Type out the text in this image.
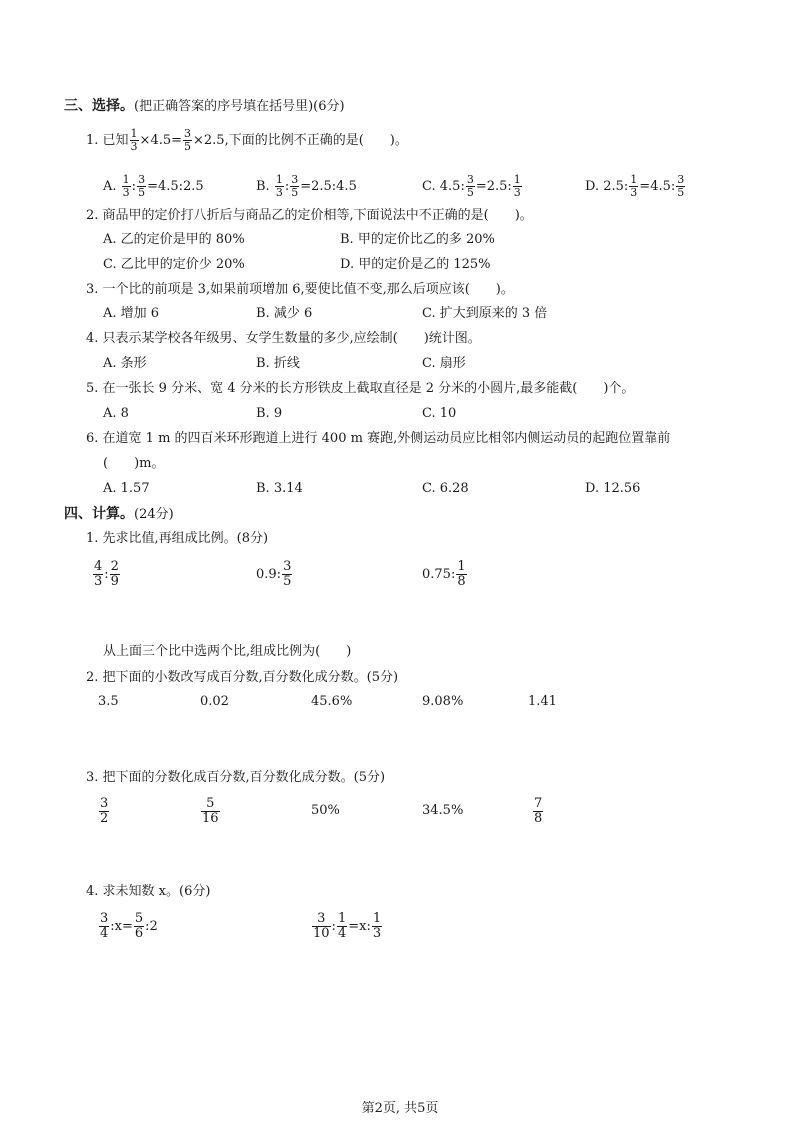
三、选择。(把正确答案的序号填在括号里)(6分)
1. 已知 $\frac{1}{3} \times 4.5= \frac{3}{5} \times 2.5$,下面的比例不正确的是(　　)。
A. $\frac{1}{3}$ : $\frac{3}{5}$ =4.5:2.5	B. $\frac{1}{3}$ : $\frac{3}{5}$ =2.5:4.5	C. 4.5: $\frac{3}{5} =2.5$: $\frac{1}{3}$	D. 2.5: $\frac{1}{3} =4.5$: $\frac{3}{5}$
2. 商品甲的定价打八折后与商品乙的定价相等,下面说法中不正确的是(　　)。
A. 乙的定价是甲的 80%	B. 甲的定价比乙的多 20%
C. 乙比甲的定价少 20%	D. 甲的定价是乙的 125%
3. 一个比的前项是 3,如果前项增加 6,要使比值不变,那么后项应该(　　)。
A. 增加 6	B. 减少 6	C. 扩大到原来的 3 倍
4. 只表示某学校各年级男、女学生数量的多少,应绘制(　　)统计图。
A. 条形	B. 折线	C. 扇形
5. 在一张长 9 分米、宽 4 分米的长方形铁皮上截取直径是 2 分米的小圆片,最多能截(　　)个。
A. 8	B. 9	C. 10
6. 在道宽 1 m 的四百米环形跑道上进行 400 m 赛跑,外侧运动员应比相邻内侧运动员的起跑位置靠前
(　　)m。
A. 1.57	B. 3.14	C. 6.28	D. 12.56
四、计算。(24分)
1. 先求比值,再组成比例。(8分)
$\frac{4}{3}$ : $\frac{2}{9}$	0.9: $\frac{3}{5}$	0.75: $\frac{1}{8}$
从上面三个比中选两个比,组成比例为(　　)
2. 把下面的小数改写成百分数,百分数化成分数。(5分)
3.5	0.02	45.6%	9.08%	1.41
3. 把下面的分数化成百分数,百分数化成分数。(5分)
$\frac{3}{2}$	$\frac{5}{16}$	50%	34.5%	$\frac{7}{8}$
4. 求未知数 x。(6分)
$\frac{3}{4}$ :x= $\frac{5}{6}$ :2	$\frac{3}{10}$ : $\frac{1}{4} =x$: $\frac{1}{3}$
第2页, 共5页
